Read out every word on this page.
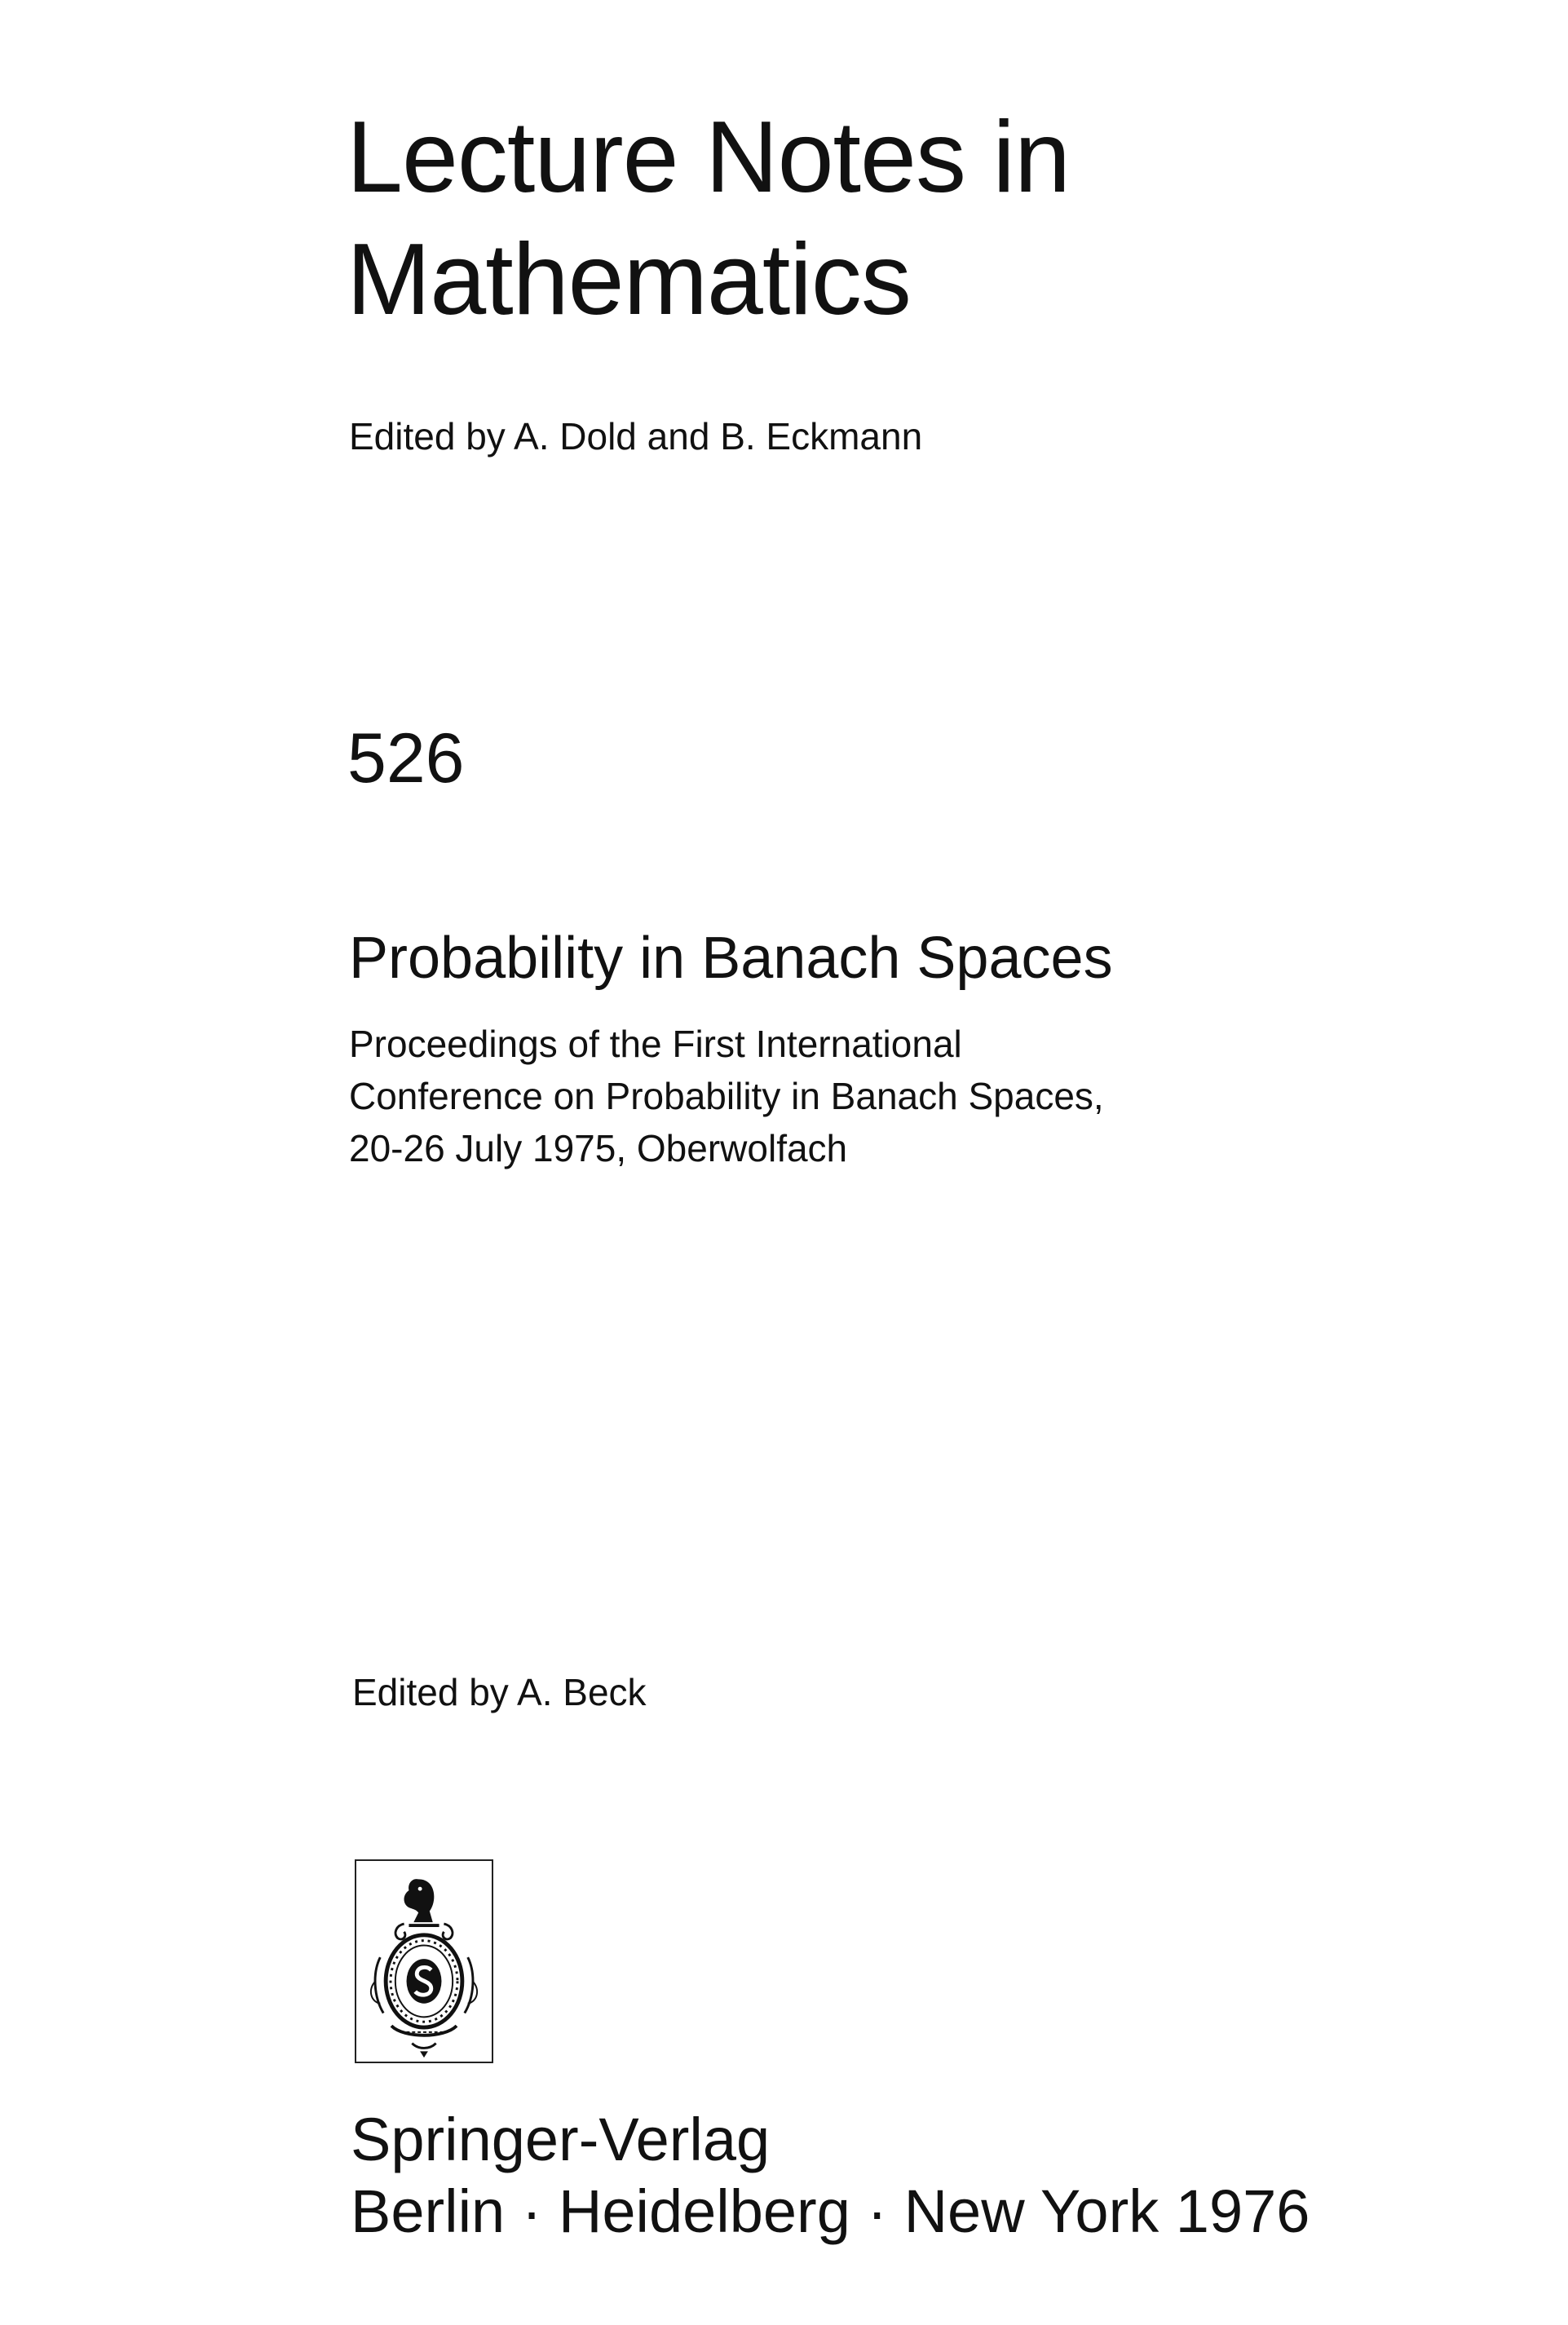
Lecture Notes in
Mathematics
Edited by A. Dold and B. Eckmann
526
Probability in Banach Spaces
Proceedings of the First International
Conference on Probability in Banach Spaces,
20-26 July 1975, Oberwolfach
Edited by A. Beck
Springer-Verlag
Berlin · Heidelberg · New York 1976
